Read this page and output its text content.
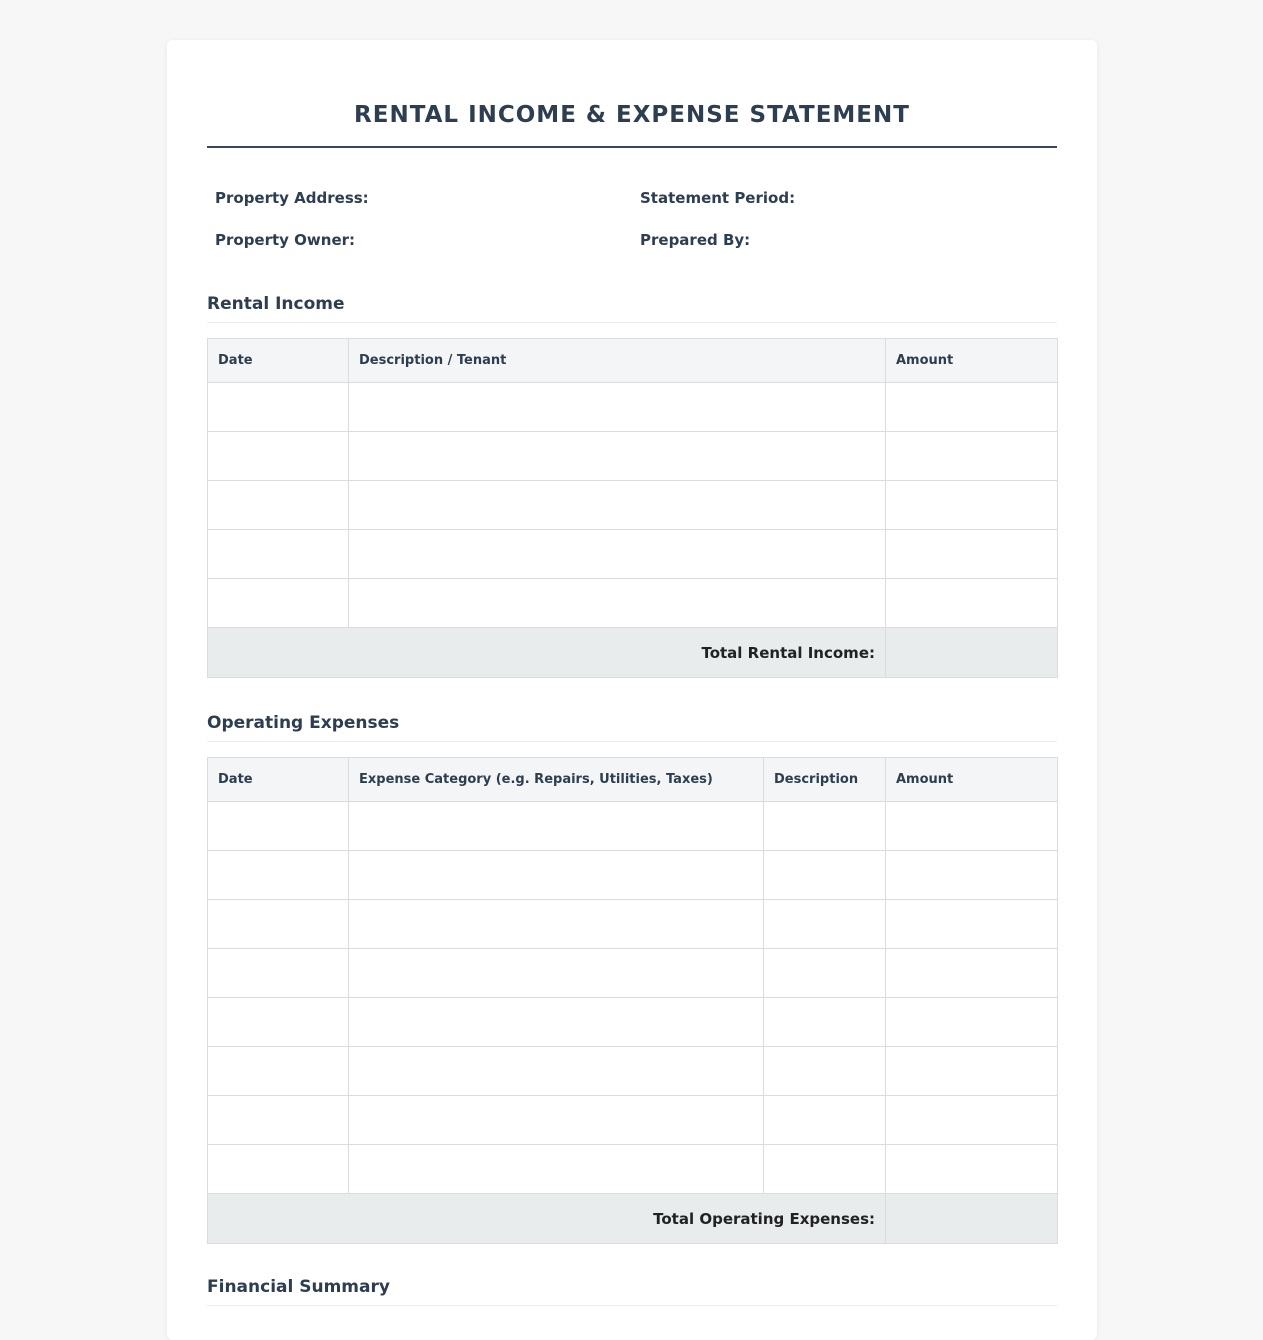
RENTAL INCOME & EXPENSE STATEMENT
Property Address:	Statement Period:
Property Owner:	Prepared By:
Rental Income
Date	Description / Tenant	Amount

Total Rental Income:		
Operating Expenses
Date	Expense Category (e.g. Repairs, Utilities, Taxes)	Description	Amount

Total Operating Expenses:			
Financial Summary
